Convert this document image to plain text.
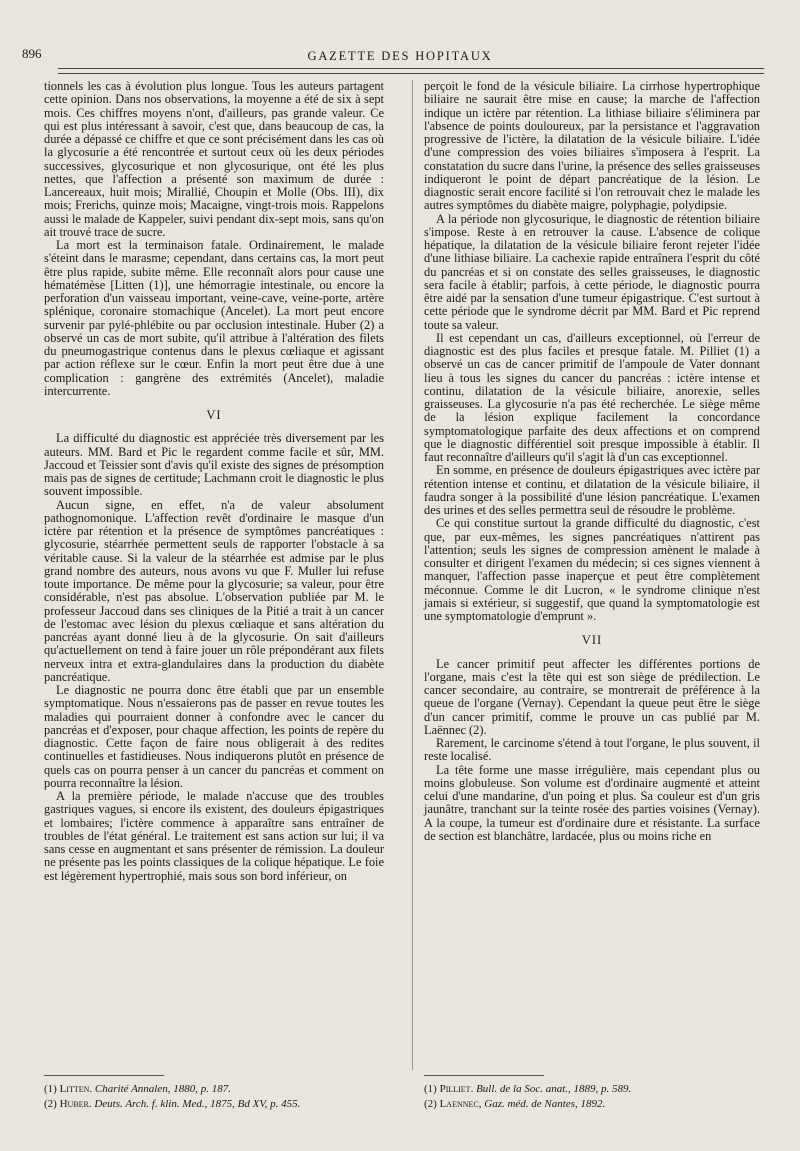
896	GAZETTE DES HOPITAUX

tionnels les cas à évolution plus longue. Tous les auteurs partagent cette opinion. Dans nos observations, la moyenne a été de six à sept mois. Ces chiffres moyens n'ont, d'ailleurs, pas grande valeur. Ce qui est plus intéressant à savoir, c'est que, dans beaucoup de cas, la durée a dépassé ce chiffre et que ce sont précisément dans les cas où la glycosurie a été rencontrée et surtout ceux où les deux périodes successives, glycosurique et non glycosurique, ont été les plus nettes, que l'affection a présenté son maximum de durée : Lancereaux, huit mois; Mirallié, Choupin et Molle (Obs. III), dix mois; Frerichs, quinze mois; Macaigne, vingt-trois mois. Rappelons aussi le malade de Kappeler, suivi pendant dix-sept mois, sans qu'on ait trouvé trace de sucre.

La mort est la terminaison fatale. Ordinairement, le malade s'éteint dans le marasme; cependant, dans certains cas, la mort peut être plus rapide, subite même. Elle reconnaît alors pour cause une hématémèse [Litten (1)], une hémorragie intestinale, ou encore la perforation d'un vaisseau important, veine-cave, veine-porte, artère splénique, coronaire stomachique (Ancelet). La mort peut encore survenir par pylé-phlébite ou par occlusion intestinale. Huber (2) a observé un cas de mort subite, qu'il attribue à l'altération des filets du pneumogastrique contenus dans le plexus cœliaque et agissant par action réflexe sur le cœur. Enfin la mort peut être due à une complication : gangrène des extrémités (Ancelet), maladie intercurrente.

VI

La difficulté du diagnostic est appréciée très diversement par les auteurs. MM. Bard et Pic le regardent comme facile et sûr, MM. Jaccoud et Teissier sont d'avis qu'il existe des signes de présomption mais pas de signes de certitude; Lachmann croit le diagnostic le plus souvent impossible.

Aucun signe, en effet, n'a de valeur absolument pathognomonique. L'affection revêt d'ordinaire le masque d'un ictère par rétention et la présence de symptômes pancréatiques : glycosurie, stéarrhée permettent seuls de rapporter l'obstacle à sa véritable cause. Si la valeur de la stéarrhée est admise par le plus grand nombre des auteurs, nous avons vu que F. Muller lui refuse toute importance. De même pour la glycosurie; sa valeur, pour être considérable, n'est pas absolue. L'observation publiée par M. le professeur Jaccoud dans ses cliniques de la Pitié a trait à un cancer de l'estomac avec lésion du plexus cœliaque et sans altération du pancréas ayant donné lieu à de la glycosurie. On sait d'ailleurs qu'actuellement on tend à faire jouer un rôle prépondérant aux filets nerveux intra et extra-glandulaires dans la production du diabète pancréatique.

Le diagnostic ne pourra donc être établi que par un ensemble symptomatique. Nous n'essaierons pas de passer en revue toutes les maladies qui pourraient donner à confondre avec le cancer du pancréas et d'exposer, pour chaque affection, les points de repère du diagnostic. Cette façon de faire nous obligerait à des redites continuelles et fastidieuses. Nous indiquerons plutôt en présence de quels cas on pourra penser à un cancer du pancréas et comment on pourra reconnaître la lésion.

A la première période, le malade n'accuse que des troubles gastriques vagues, si encore ils existent, des douleurs épigastriques et lombaires; l'ictère commence à apparaître sans entraîner de troubles de l'état général. Le traitement est sans action sur lui; il va sans cesse en augmentant et sans présenter de rémission. La douleur ne présente pas les points classiques de la colique hépatique. Le foie est légèrement hypertrophié, mais sous son bord inférieur, on

perçoit le fond de la vésicule biliaire. La cirrhose hypertrophique biliaire ne saurait être mise en cause; la marche de l'affection indique un ictère par rétention. La lithiase biliaire s'éliminera par l'absence de points douloureux, par la persistance et l'aggravation progressive de l'ictère, la dilatation de la vésicule biliaire. L'idée d'une compression des voies biliaires s'imposera à l'esprit. La constatation du sucre dans l'urine, la présence des selles graisseuses indiqueront le point de départ pancréatique de la lésion. Le diagnostic serait encore facilité si l'on retrouvait chez le malade les autres symptômes du diabète maigre, polyphagie, polydipsie.

A la période non glycosurique, le diagnostic de rétention biliaire s'impose. Reste à en retrouver la cause. L'absence de colique hépatique, la dilatation de la vésicule biliaire feront rejeter l'idée d'une lithiase biliaire. La cachexie rapide entraînera l'esprit du côté du pancréas et si on constate des selles graisseuses, le diagnostic sera facile à établir; parfois, à cette période, le diagnostic pourra être aidé par la sensation d'une tumeur épigastrique. C'est surtout à cette période que le syndrome décrit par MM. Bard et Pic reprend toute sa valeur.

Il est cependant un cas, d'ailleurs exceptionnel, où l'erreur de diagnostic est des plus faciles et presque fatale. M. Pilliet (1) a observé un cas de cancer primitif de l'ampoule de Vater donnant lieu à tous les signes du cancer du pancréas : ictère intense et continu, dilatation de la vésicule biliaire, anorexie, selles graisseuses. La glycosurie n'a pas été recherchée. Le siège même de la lésion explique facilement la concordance symptomatologique parfaite des deux affections et on comprend que le diagnostic différentiel soit presque impossible à établir. Il faut reconnaître d'ailleurs qu'il s'agit là d'un cas exceptionnel.

En somme, en présence de douleurs épigastriques avec ictère par rétention intense et continu, et dilatation de la vésicule biliaire, il faudra songer à la possibilité d'une lésion pancréatique. L'examen des urines et des selles permettra seul de résoudre le problème.

Ce qui constitue surtout la grande difficulté du diagnostic, c'est que, par eux-mêmes, les signes pancréatiques n'attirent pas l'attention; seuls les signes de compression amènent le malade à consulter et dirigent l'examen du médecin; si ces signes viennent à manquer, l'affection passe inaperçue et peut être complètement méconnue. Comme le dit Lucron, « le syndrome clinique n'est jamais si extérieur, si suggestif, que quand la symptomatologie est une symptomatologie d'emprunt ».

VII

Le cancer primitif peut affecter les différentes portions de l'organe, mais c'est la tête qui est son siège de prédilection. Le cancer secondaire, au contraire, se montrerait de préférence à la queue de l'organe (Vernay). Cependant la queue peut être le siège d'un cancer primitif, comme le prouve un cas publié par M. Laënnec (2).

Rarement, le carcinome s'étend à tout l'organe, le plus souvent, il reste localisé.

La tête forme une masse irrégulière, mais cependant plus ou moins globuleuse. Son volume est d'ordinaire augmenté et atteint celui d'une mandarine, d'un poing et plus. Sa couleur est d'un gris jaunâtre, tranchant sur la teinte rosée des parties voisines (Vernay). A la coupe, la tumeur est d'ordinaire dure et résistante. La surface de section est blanchâtre, lardacée, plus ou moins riche en

(1) Litten. Charité Annalen, 1880, p. 187.
(2) Huber. Deuts. Arch. f. klin. Med., 1875, Bd XV, p. 455.
(1) Pilliet. Bull. de la Soc. anat., 1889, p. 589.
(2) Laennec, Gaz. méd. de Nantes, 1892.
